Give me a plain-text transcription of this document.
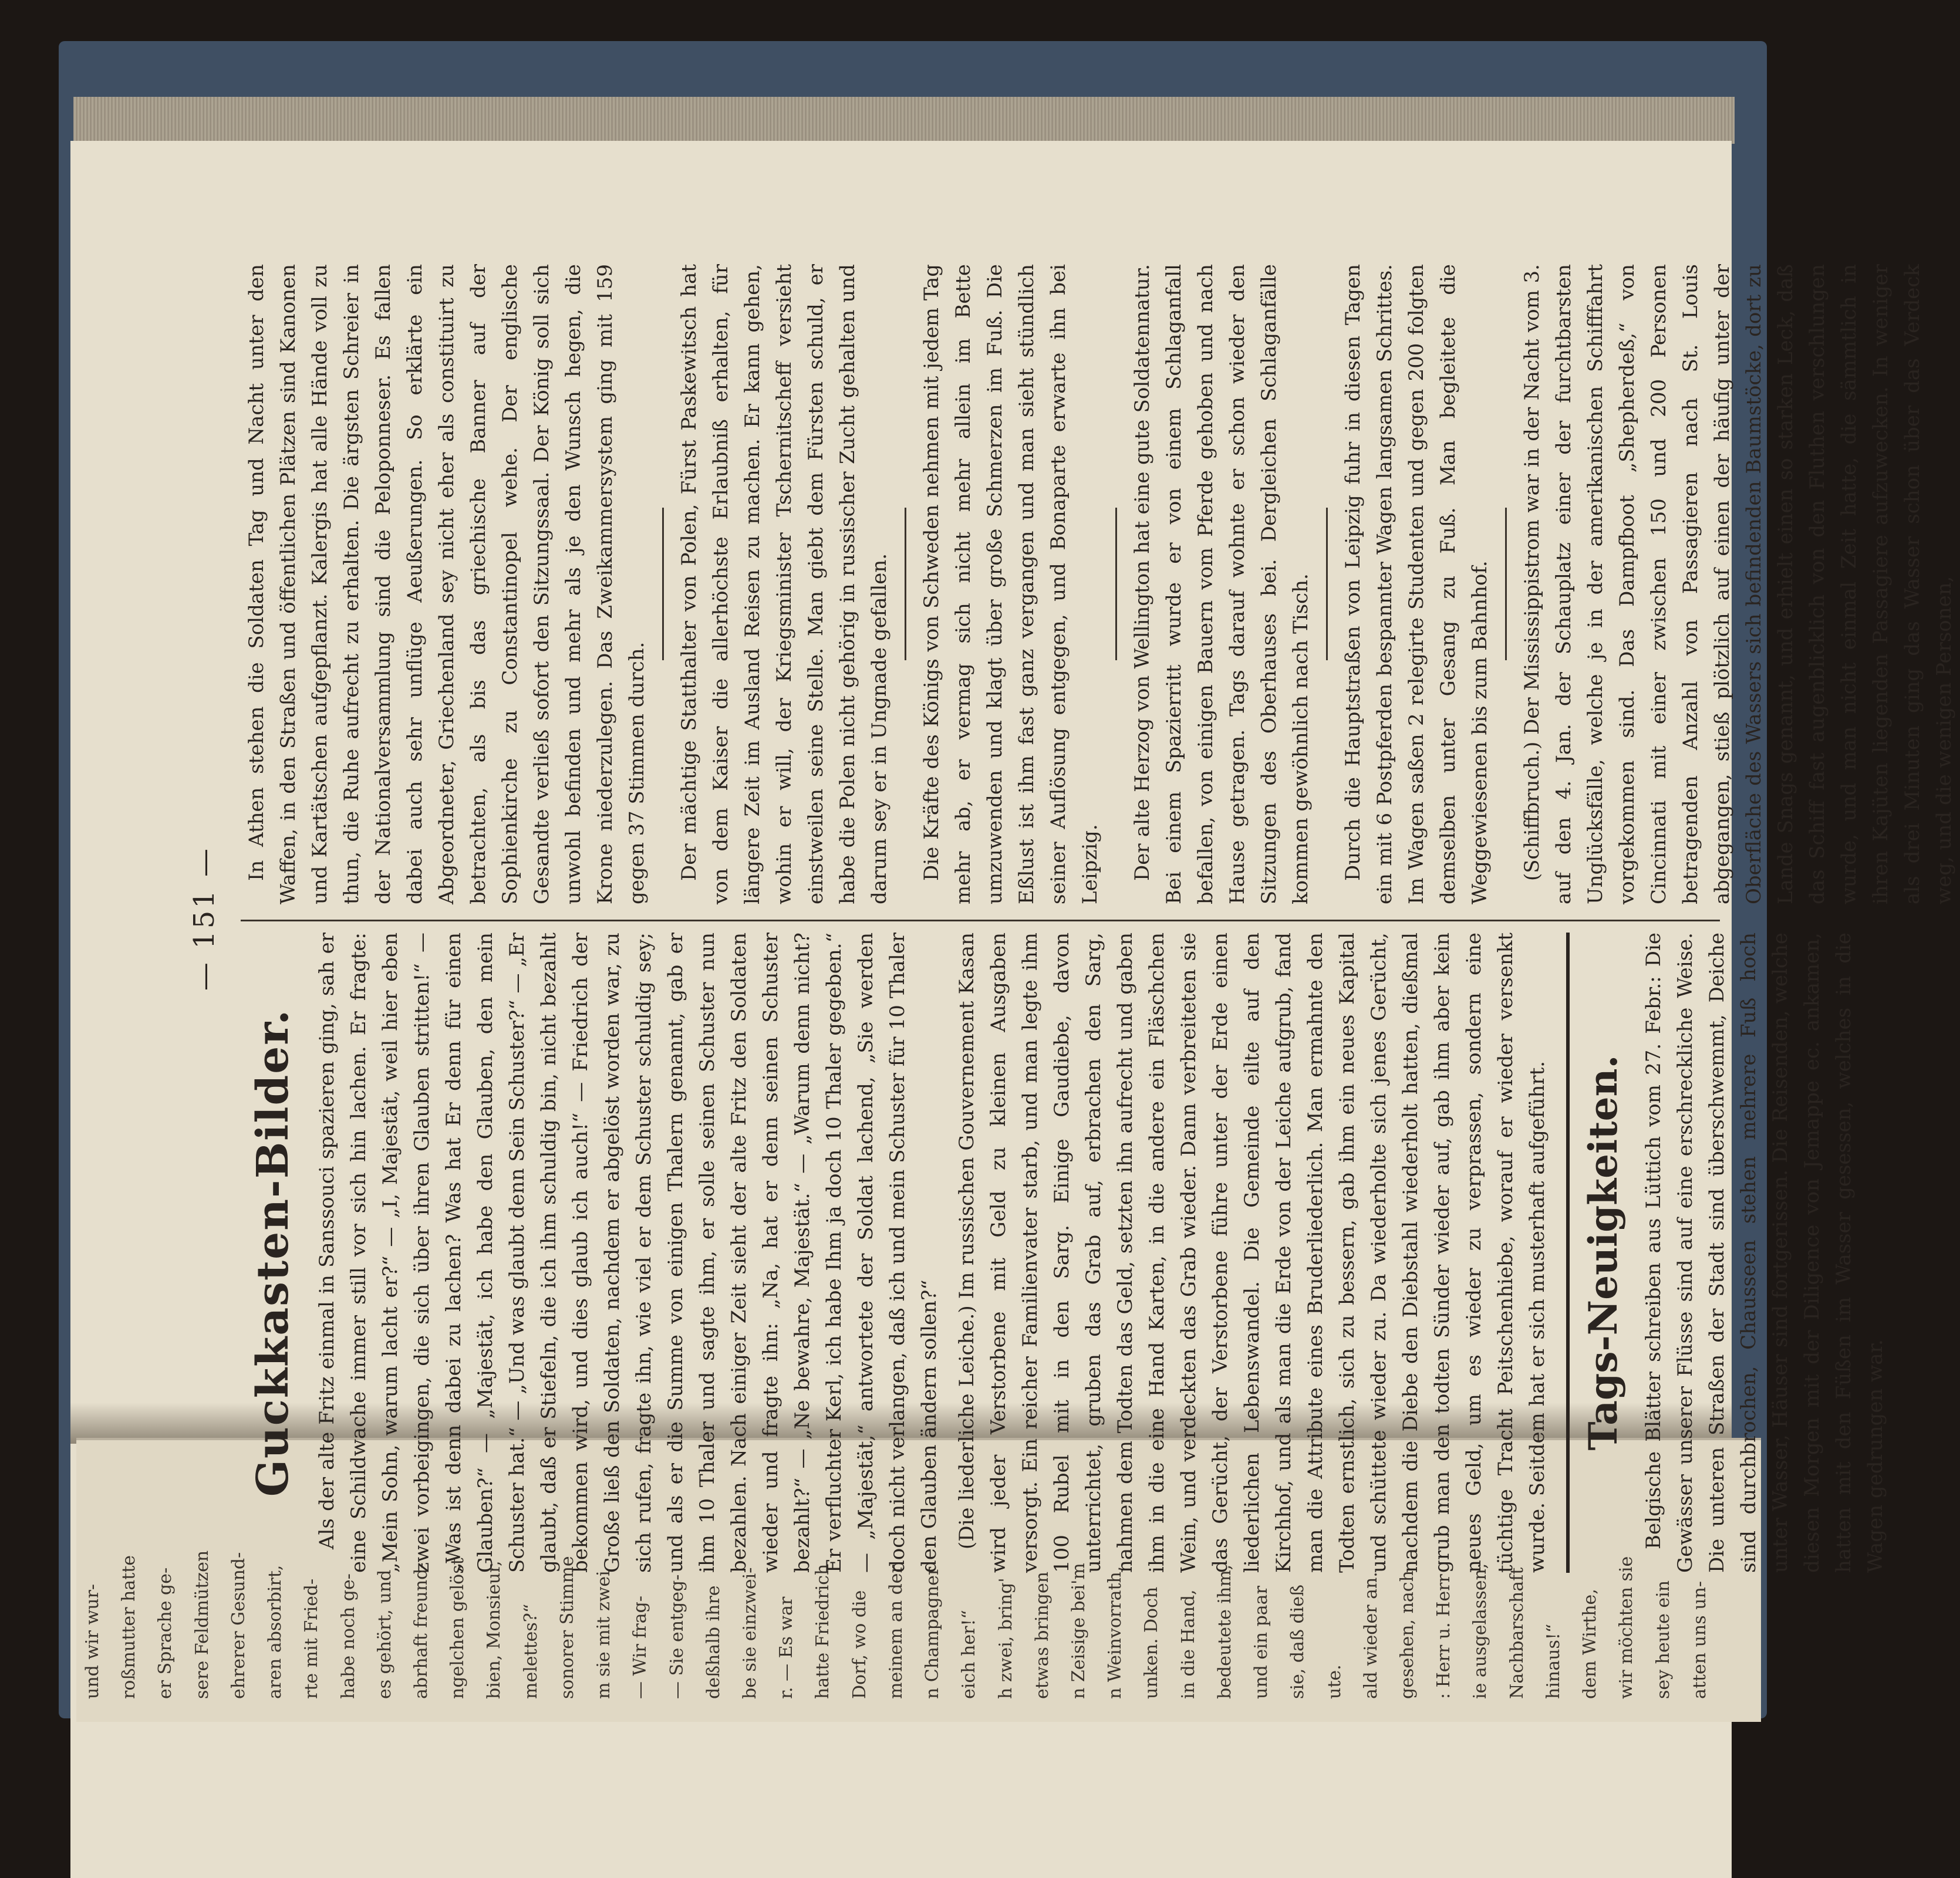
und wir wur- roßmutter hatte er Sprache ge- sere Feldmützen ehrerer Gesund- aren absorbirt, rte mit Fried- habe noch ge- es gehört, und abrhaft freund- ngelchen gelöst bien, Monsieur, melettes?“ sonorer Stimme m sie mit zwei — Wir frag- — Sie entgeg- deßhalb ihre be sie einzwei- r. — Es war hatte Friedrich Dorf, wo die meinem an der n Champagner eich her!“ h zwei, bring' etwas bringen n Zeisige bei'm n Weinvorrath, unken. Doch in die Hand, bedeutete ihm, und ein paar sie, daß dieß ute. ald wieder an. gesehen, nach : Herr u. Herr ie ausgelassen; Nachbarschaft hinaus!“ dem Wirthe, wir möchten sie sey heute ein atten uns un-
— 151 —
Guckkasten-Bilder. Als der alte Fritz einmal in Sanssouci spazieren ging, sah er eine Schildwache immer still vor sich hin lachen. Er fragte: „Mein Sohn, warum lacht er?“ — „I, Majestät, weil hier eben zwei vorbeigingen, die sich über ihren Glauben stritten!“ — „Was ist denn dabei zu lachen? Was hat Er denn für einen Glauben?“ — „Majestät, ich habe den Glauben, den mein Schuster hat.“ — „Und was glaubt denn Sein Schuster?“ — „Er glaubt, daß er Stiefeln, die ich ihm schuldig bin, nicht bezahlt bekommen wird, und dies glaub ich auch!“ — Friedrich der Große ließ den Soldaten, nachdem er abgelöst worden war, zu sich rufen, fragte ihn, wie viel er dem Schuster schuldig sey; und als er die Summe von einigen Thalern genannt, gab er ihm 10 Thaler und sagte ihm, er solle seinen Schuster nun bezahlen. Nach einiger Zeit sieht der alte Fritz den Soldaten wieder und fragte ihn: „Na, hat er denn seinen Schuster bezahlt?“ — „Ne bewahre, Majestät.“ — „Warum denn nicht? Er verfluchter Kerl, ich habe Ihm ja doch 10 Thaler gegeben.“ — „Majestät,“ antwortete der Soldat lachend, „Sie werden doch nicht verlangen, daß ich und mein Schuster für 10 Thaler den Glauben ändern sollen?“ (Die liederliche Leiche.) Im russischen Gouvernement Kasan wird jeder Verstorbene mit Geld zu kleinen Ausgaben versorgt. Ein reicher Familienvater starb, und man legte ihm 100 Rubel mit in den Sarg. Einige Gaudiebe, davon unterrichtet, gruben das Grab auf, erbrachen den Sarg, nahmen dem Todten das Geld, setzten ihn aufrecht und gaben ihm in die eine Hand Karten, in die andere ein Fläschchen Wein, und verdeckten das Grab wieder. Dann verbreiteten sie das Gerücht, der Verstorbene führe unter der Erde einen liederlichen Lebenswandel. Die Gemeinde eilte auf den Kirchhof, und als man die Erde von der Leiche aufgrub, fand man die Attribute eines Bruderliederlich. Man ermahnte den Todten ernstlich, sich zu bessern, gab ihm ein neues Kapital und schüttete wieder zu. Da wiederholte sich jenes Gerücht, nachdem die Diebe den Diebstahl wiederholt hatten, dießmal grub man den todten Sünder wieder auf, gab ihm aber kein neues Geld, um es wieder zu verprassen, sondern eine tüchtige Tracht Peitschenhiebe, worauf er wieder versenkt wurde. Seitdem hat er sich musterhaft aufgeführt. Tags-Neuigkeiten. Belgische Blätter schreiben aus Lüttich vom 27. Febr.: Die Gewässer unserer Flüsse sind auf eine erschreckliche Weise. Die unteren Straßen der Stadt sind überschwemmt, Deiche sind durchbrochen, Chausseen stehen mehrere Fuß hoch unter Wasser, Häuser sind fortgerissen. Die Reisenden, welche diesen Morgen mit der Diligence von Jemappe ec. ankamen, hatten mit den Füßen im Wasser gesessen, welches in die Wagen gedrungen war.

In Athen stehen die Soldaten Tag und Nacht unter den Waffen, in den Straßen und öffentlichen Plätzen sind Kanonen und Kartätschen aufgepflanzt. Kalergis hat alle Hände voll zu thun, die Ruhe aufrecht zu erhalten. Die ärgsten Schreier in der Nationalversammlung sind die Peloponneser. Es fallen dabei auch sehr unflüge Aeußerungen. So erklärte ein Abgeordneter, Griechenland sey nicht eher als constituirt zu betrachten, als bis das griechische Banner auf der Sophienkirche zu Constantinopel wehe. Der englische Gesandte verließ sofort den Sitzungssaal. Der König soll sich unwohl befinden und mehr als je den Wunsch hegen, die Krone niederzulegen. Das Zweikammersystem ging mit 159 gegen 37 Stimmen durch. Der mächtige Statthalter von Polen, Fürst Paskewitsch hat von dem Kaiser die allerhöchste Erlaubniß erhalten, für längere Zeit im Ausland Reisen zu machen. Er kann gehen, wohin er will, der Kriegsminister Tschernitscheff versieht einstweilen seine Stelle. Man giebt dem Fürsten schuld, er habe die Polen nicht gehörig in russischer Zucht gehalten und darum sey er in Ungnade gefallen. Die Kräfte des Königs von Schweden nehmen mit jedem Tag mehr ab, er vermag sich nicht mehr allein im Bette umzuwenden und klagt über große Schmerzen im Fuß. Die Eßlust ist ihm fast ganz vergangen und man sieht stündlich seiner Auflösung entgegen, und Bonaparte erwarte ihn bei Leipzig. Der alte Herzog von Wellington hat eine gute Soldatennatur. Bei einem Spazierritt wurde er von einem Schlaganfall befallen, von einigen Bauern vom Pferde gehoben und nach Hause getragen. Tags darauf wohnte er schon wieder den Sitzungen des Oberhauses bei. Dergleichen Schlaganfälle kommen gewöhnlich nach Tisch. Durch die Hauptstraßen von Leipzig fuhr in diesen Tagen ein mit 6 Postpferden bespannter Wagen langsamen Schrittes. Im Wagen saßen 2 relegirte Studenten und gegen 200 folgten demselben unter Gesang zu Fuß. Man begleitete die Weggewiesenen bis zum Bahnhof. (Schiffbruch.) Der Mississippistrom war in der Nacht vom 3. auf den 4. Jan. der Schauplatz einer der furchtbarsten Unglücksfälle, welche je in der amerikanischen Schifffahrt vorgekommen sind. Das Dampfboot „Shepherdeß,“ von Cincinnati mit einer zwischen 150 und 200 Personen betragenden Anzahl von Passagieren nach St. Louis abgegangen, stieß plötzlich auf einen der häufig unter der Oberfläche des Wassers sich befindenden Baumstöcke, dort zu Lande Snags genannt, und erhielt einen so starken Leck, daß das Schiff fast augenblicklich von den Fluthen verschlungen wurde, und man nicht einmal Zeit hatte, die sämmtlich in ihren Kajüten liegenden Passagiere aufzuwecken. In weniger als drei Minuten ging das Wasser schon über das Verdeck weg, und die wenigen Personen,
